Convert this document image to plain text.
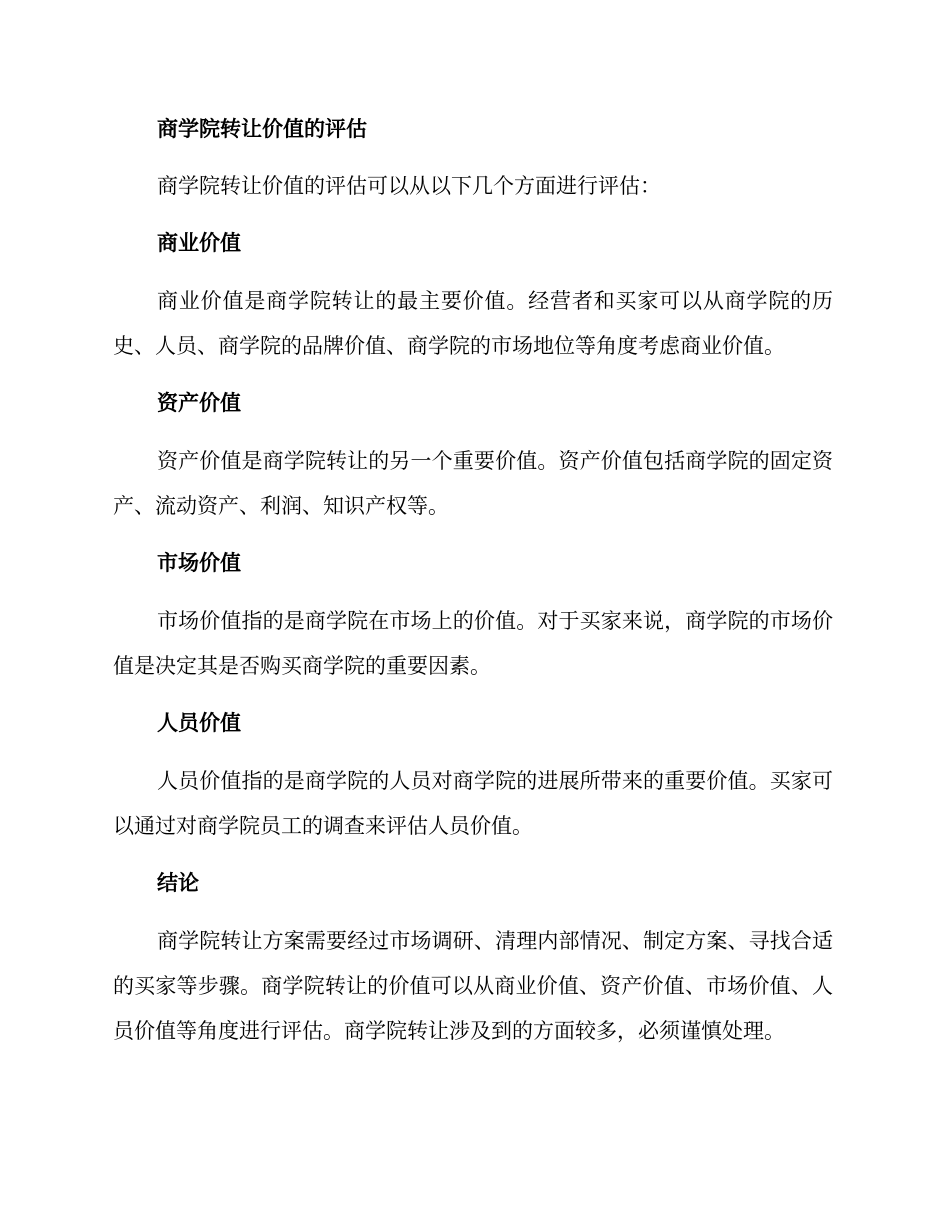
商学院转让价值的评估

商学院转让价值的评估可以从以下几个方面进行评估：

商业价值

商业价值是商学院转让的最主要价值。经营者和买家可以从商学院的历史、人员、商学院的品牌价值、商学院的市场地位等角度考虑商业价值。

资产价值

资产价值是商学院转让的另一个重要价值。资产价值包括商学院的固定资产、流动资产、利润、知识产权等。

市场价值

市场价值指的是商学院在市场上的价值。对于买家来说，商学院的市场价值是决定其是否购买商学院的重要因素。

人员价值

人员价值指的是商学院的人员对商学院的进展所带来的重要价值。买家可以通过对商学院员工的调查来评估人员价值。

结论

商学院转让方案需要经过市场调研、清理内部情况、制定方案、寻找合适的买家等步骤。商学院转让的价值可以从商业价值、资产价值、市场价值、人员价值等角度进行评估。商学院转让涉及到的方面较多，必须谨慎处理。
